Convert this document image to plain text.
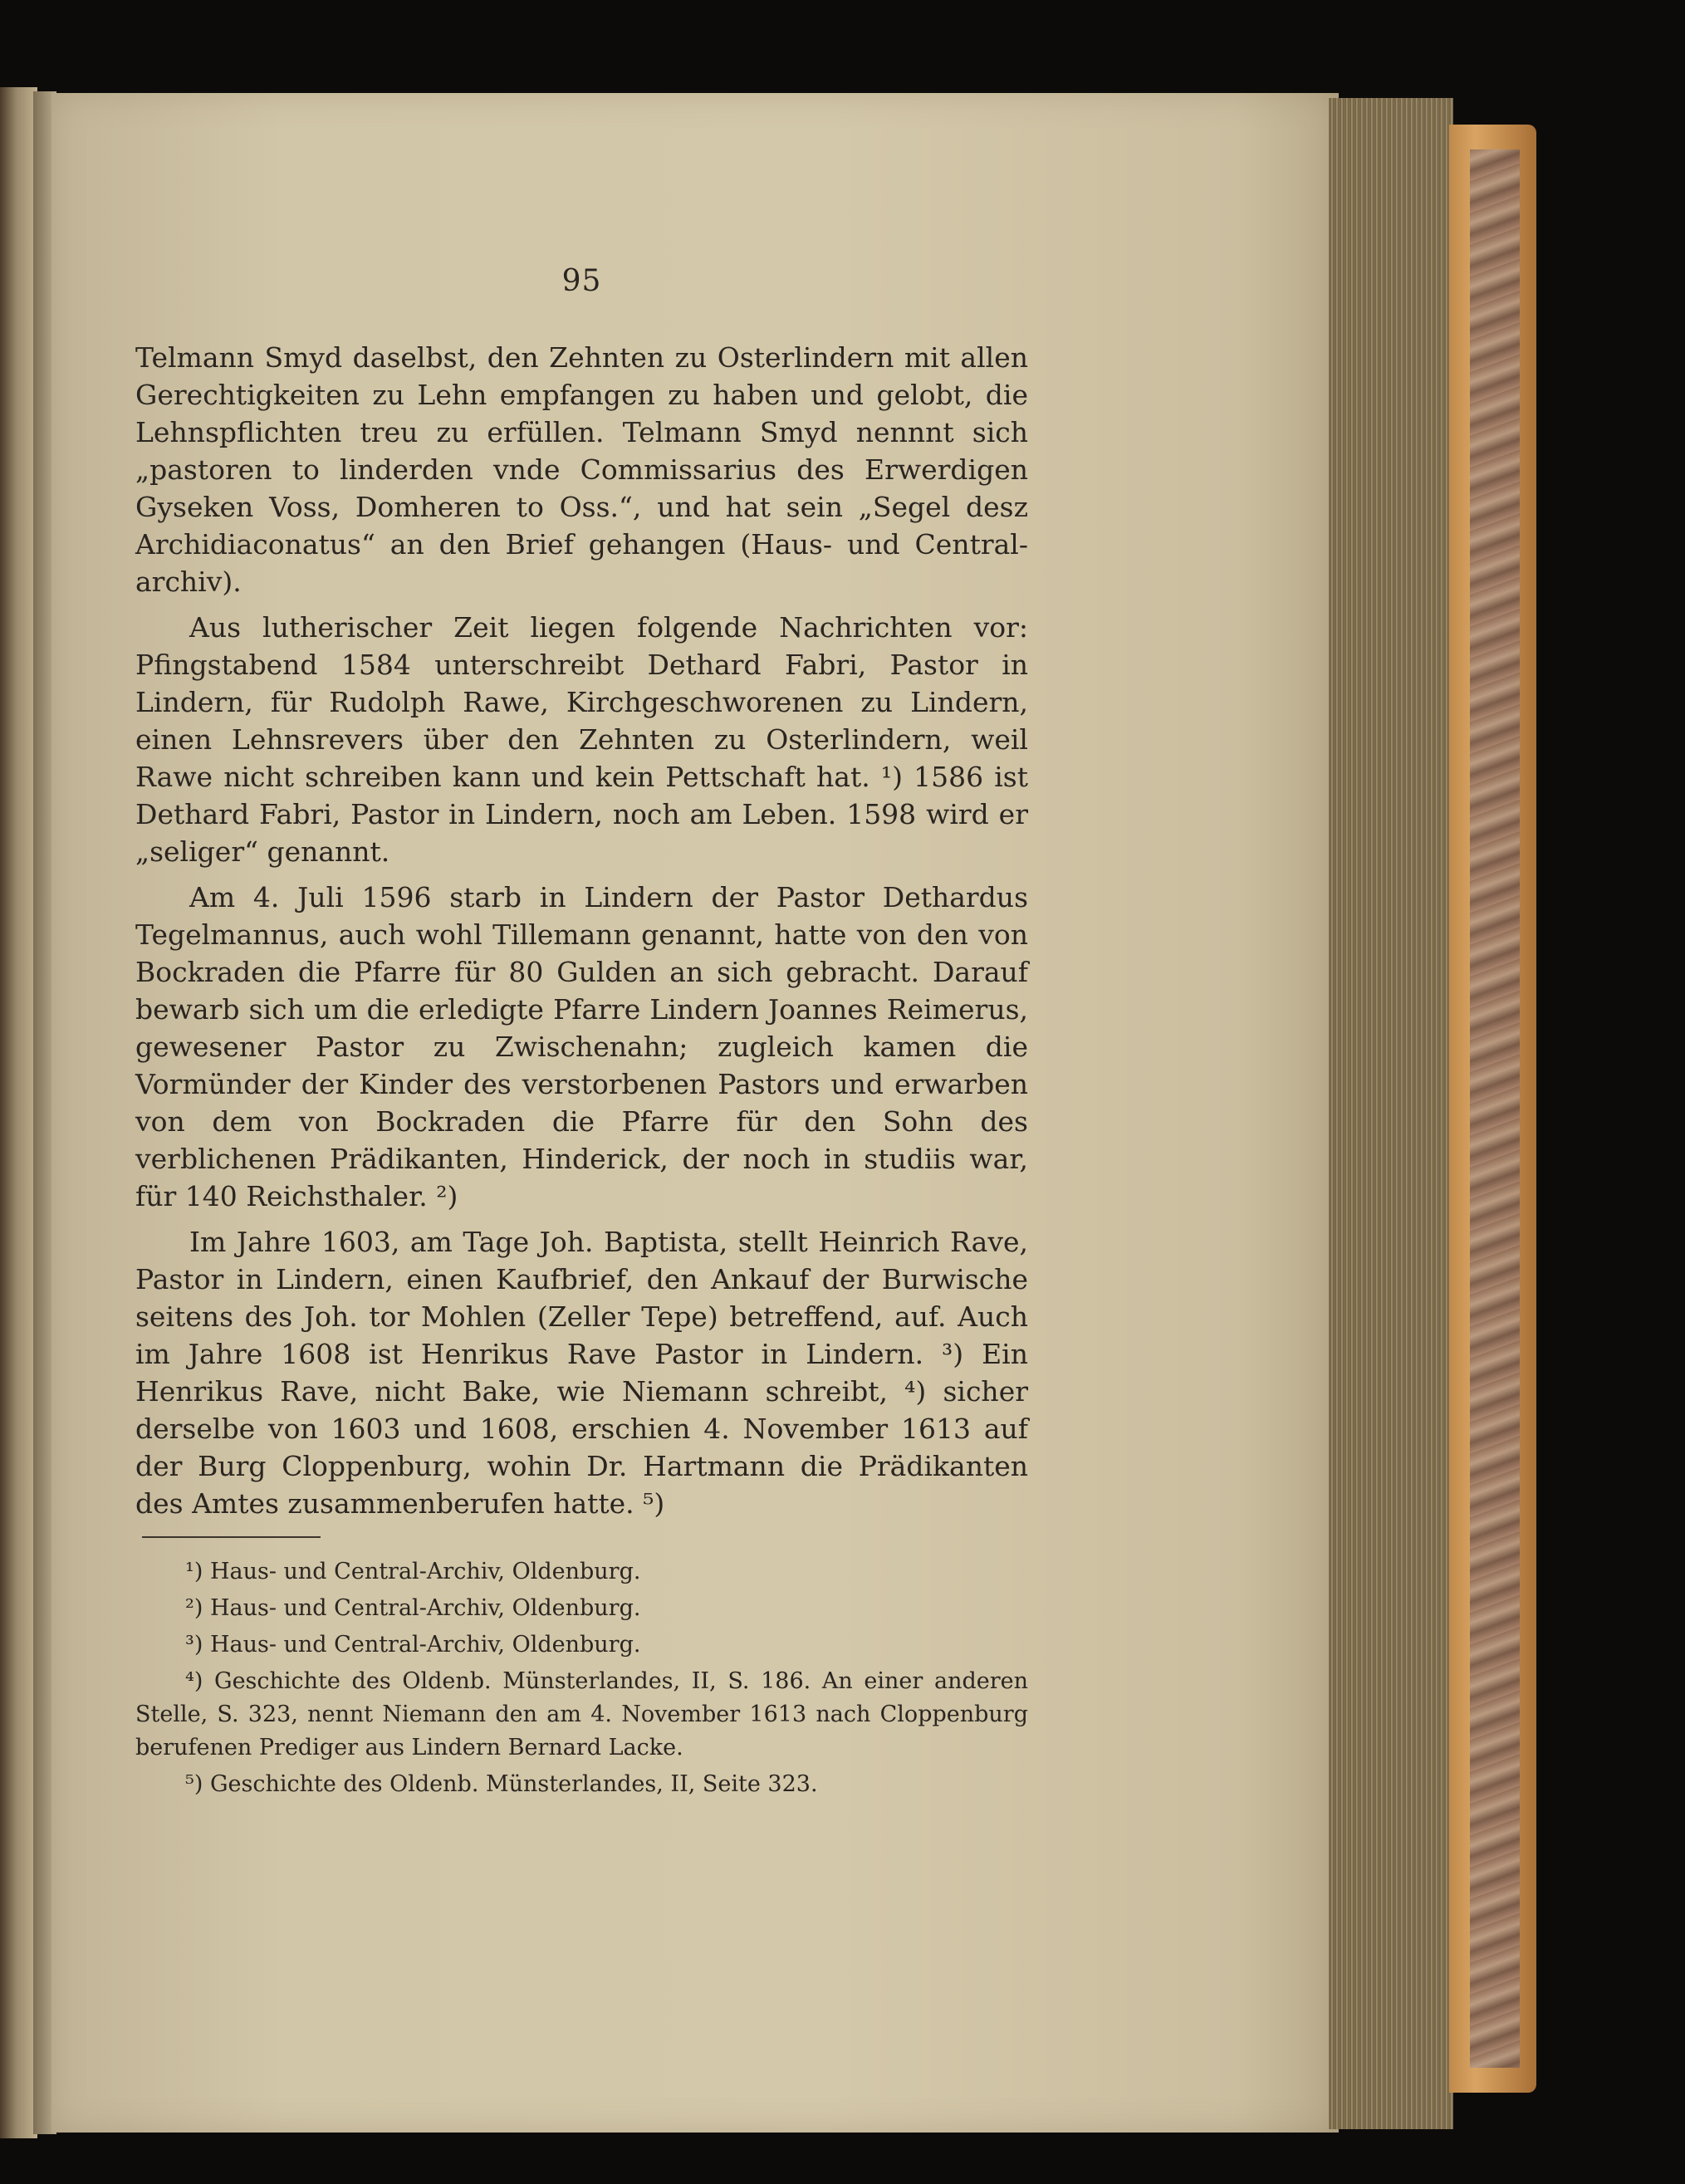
95

Telmann Smyd daselbst, den Zehnten zu Osterlindern mit allen Gerechtigkeiten zu Lehn empfangen zu haben und gelobt, die Lehnspflichten treu zu erfüllen. Telmann Smyd nennnt sich „pastoren to linderden vnde Commissarius des Erwerdigen Gyseken Voss, Domheren to Oss.“, und hat sein „Segel desz Archidiaconatus“ an den Brief gehangen (Haus- und Central-archiv).

Aus lutherischer Zeit liegen folgende Nachrichten vor: Pfingstabend 1584 unterschreibt Dethard Fabri, Pastor in Lindern, für Rudolph Rawe, Kirchgeschworenen zu Lindern, einen Lehnsrevers über den Zehnten zu Osterlindern, weil Rawe nicht schreiben kann und kein Pettschaft hat. ¹) 1586 ist Dethard Fabri, Pastor in Lindern, noch am Leben. 1598 wird er „seliger“ genannt.

Am 4. Juli 1596 starb in Lindern der Pastor Dethardus Tegelmannus, auch wohl Tillemann genannt, hatte von den von Bockraden die Pfarre für 80 Gulden an sich gebracht. Darauf bewarb sich um die erledigte Pfarre Lindern Joannes Reimerus, gewesener Pastor zu Zwischenahn; zugleich kamen die Vormünder der Kinder des verstorbenen Pastors und erwarben von dem von Bockraden die Pfarre für den Sohn des verblichenen Prädikanten, Hinderick, der noch in studiis war, für 140 Reichsthaler. ²)

Im Jahre 1603, am Tage Joh. Baptista, stellt Heinrich Rave, Pastor in Lindern, einen Kaufbrief, den Ankauf der Burwische seitens des Joh. tor Mohlen (Zeller Tepe) betreffend, auf. Auch im Jahre 1608 ist Henrikus Rave Pastor in Lindern. ³) Ein Henrikus Rave, nicht Bake, wie Niemann schreibt, ⁴) sicher derselbe von 1603 und 1608, erschien 4. November 1613 auf der Burg Cloppenburg, wohin Dr. Hartmann die Prädikanten des Amtes zusammenberufen hatte. ⁵)

¹) Haus- und Central-Archiv, Oldenburg.

²) Haus- und Central-Archiv, Oldenburg.

³) Haus- und Central-Archiv, Oldenburg.

⁴) Geschichte des Oldenb. Münsterlandes, II, S. 186. An einer anderen Stelle, S. 323, nennt Niemann den am 4. November 1613 nach Cloppenburg berufenen Prediger aus Lindern Bernard Lacke.

⁵) Geschichte des Oldenb. Münsterlandes, II, Seite 323.
